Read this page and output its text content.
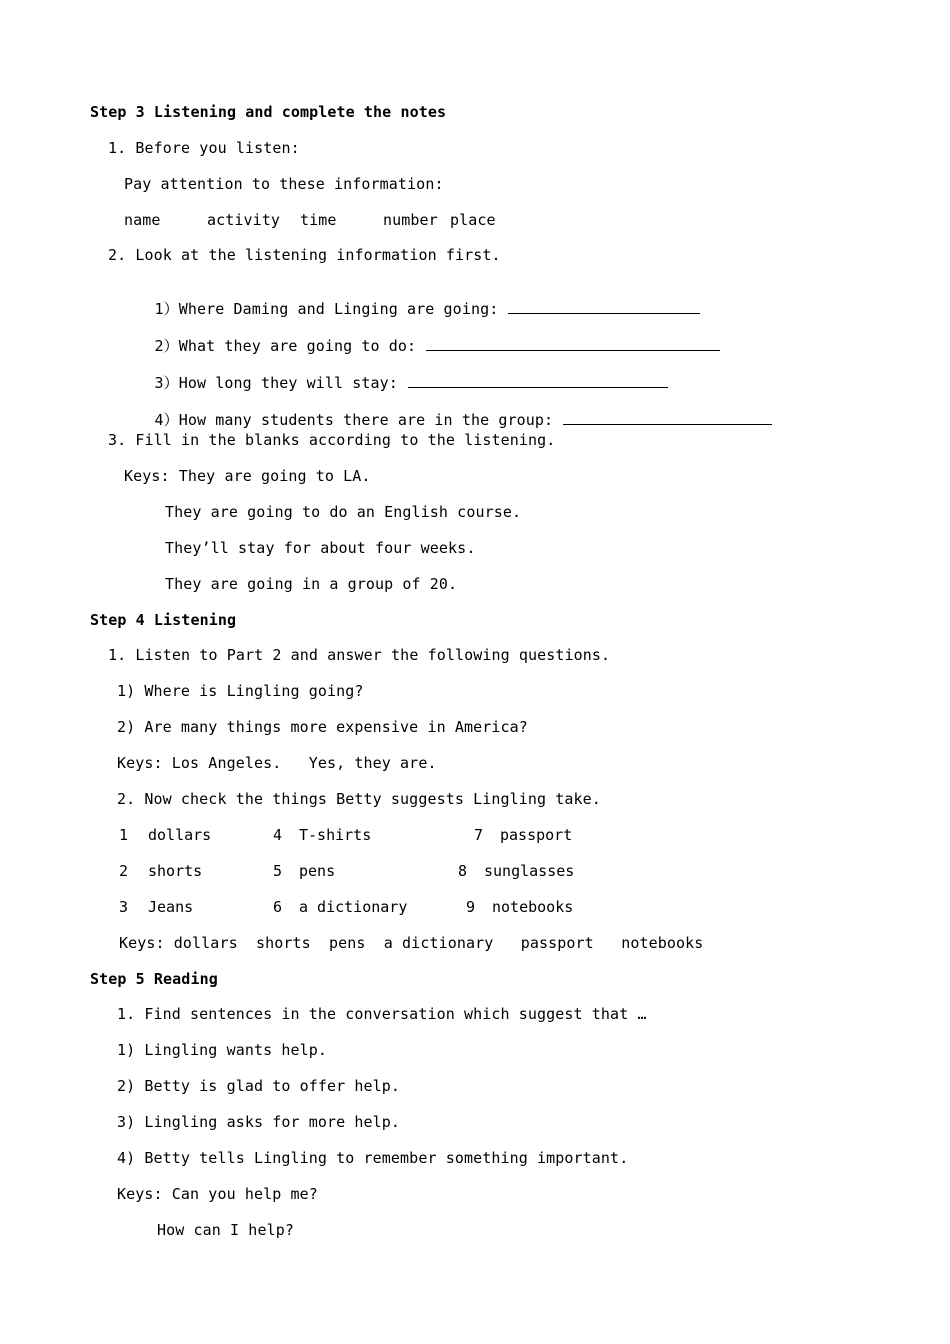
Step 3 Listening and complete the notes
1. Before you listen:
Pay attention to these information:
name	activity time	number place
2. Look at the listening information first.

1）Where Daming and Linging are going:

2）What they are going to do:

3）How long they will stay:

4）How many students there are in the group:

3. Fill in the blanks according to the listening.
Keys: They are going to LA.
They are going to do an English course.
They’ll stay for about four weeks.
They are going in a group of 20.
Step 4 Listening
1. Listen to Part 2 and answer the following questions.
1) Where is Lingling going?
2) Are many things more expensive in America?
Keys: Los Angeles.   Yes, they are.
2. Now check the things Betty suggests Lingling take.
1 dollars	4 T-shirts	7 passport
2 shorts	5 pens	8 sunglasses
3 Jeans	6 a dictionary	9 notebooks
Keys: dollars  shorts  pens  a dictionary   passport   notebooks
Step 5 Reading
1. Find sentences in the conversation which suggest that …
1) Lingling wants help.
2) Betty is glad to offer help.
3) Lingling asks for more help.
4) Betty tells Lingling to remember something important.
Keys: Can you help me?
How can I help?
